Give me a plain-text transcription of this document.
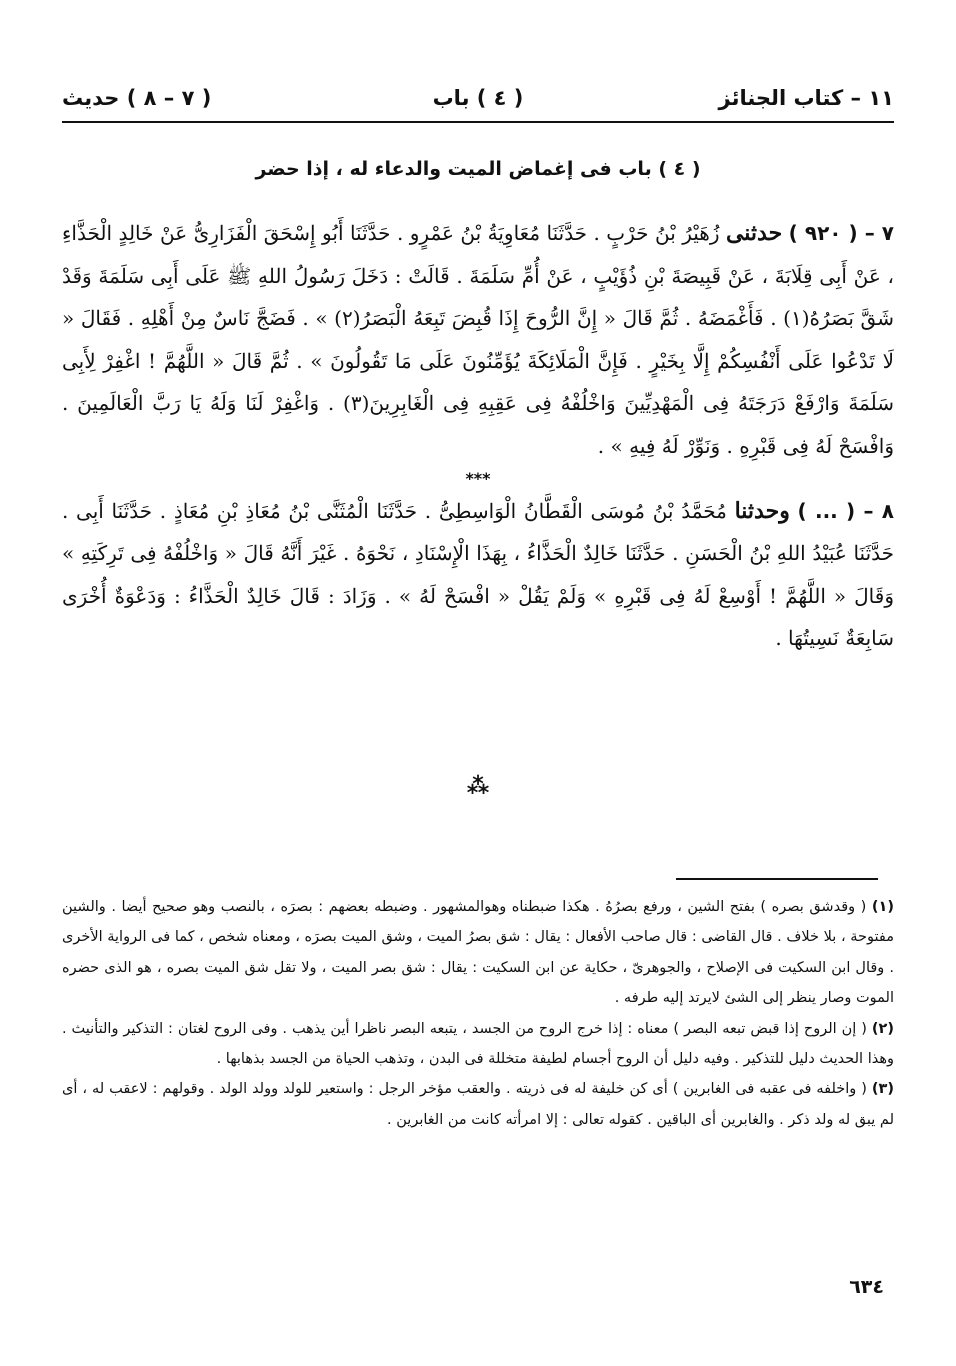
١١ – كتاب الجنائز
( ٤ ) باب
( ٧ – ٨ ) حديث
( ٤ ) باب فى إغماض الميت والدعاء له ، إذا حضر

٧ – ( ٩٢٠ ) حدثنى زُهَيْرُ بْنُ حَرْبٍ . حَدَّثَنَا مُعَاوِيَةُ بْنُ عَمْرٍو . حَدَّثَنَا أَبُو إِسْحَقَ الْفَزَارِىُّ عَنْ خَالِدٍ الْحَذَّاءِ ، عَنْ أَبِى قِلَابَةَ ، عَنْ قَبِيصَةَ بْنِ ذُؤَيْبٍ ، عَنْ أُمِّ سَلَمَةَ . قَالَتْ : دَخَلَ رَسُولُ اللهِ ﷺ عَلَى أَبِى سَلَمَةَ وَقَدْ شَقَّ بَصَرُهُ(١) . فَأَغْمَضَهُ . ثُمَّ قَالَ « إِنَّ الرُّوحَ إِذَا قُبِضَ تَبِعَهُ الْبَصَرُ(٢) » . فَضَجَّ نَاسٌ مِنْ أَهْلِهِ . فَقَالَ « لَا تَدْعُوا عَلَى أَنْفُسِكُمْ إِلَّا بِخَيْرٍ . فَإِنَّ الْمَلَائِكَةَ يُؤَمِّنُونَ عَلَى مَا تَقُولُونَ » . ثُمَّ قَالَ « اللَّهُمَّ ! اغْفِرْ لِأَبِى سَلَمَةَ وَارْفَعْ دَرَجَتَهُ فِى الْمَهْدِيِّينَ وَاخْلُفْهُ فِى عَقِبِهِ فِى الْغَابِرِينَ(٣) . وَاغْفِرْ لَنَا وَلَهُ يَا رَبَّ الْعَالَمِينَ . وَافْسَحْ لَهُ فِى قَبْرِهِ . وَنَوِّرْ لَهُ فِيهِ » .

***

٨ – ( ... ) وحدثنا مُحَمَّدُ بْنُ مُوسَى الْقَطَّانُ الْوَاسِطِىُّ . حَدَّثَنَا الْمُثَنَّى بْنُ مُعَاذِ بْنِ مُعَاذٍ . حَدَّثَنَا أَبِى . حَدَّثَنَا عُبَيْدُ اللهِ بْنُ الْحَسَنِ . حَدَّثَنَا خَالِدٌ الْحَذَّاءُ ، بِهَذَا الْإِسْنَادِ ، نَحْوَهُ . غَيْرَ أَنَّهُ قَالَ « وَاخْلُفْهُ فِى تَرِكَتِهِ » وَقَالَ « اللَّهُمَّ ! أَوْسِعْ لَهُ فِى قَبْرِهِ » وَلَمْ يَقُلْ « افْسَحْ لَهُ » . وَزَادَ : قَالَ خَالِدٌ الْحَذَّاءُ : وَدَعْوَةٌ أُخْرَى سَابِعَةٌ نَسِيتُهَا .

⁂

(١) ( وقدشق بصره ) بفتح الشين ، ورفع بصرُهُ . هكذا ضبطناه وهوالمشهور . وضبطه بعضهم : بصرَه ، بالنصب وهو صحيح أيضا . والشين مفتوحة ، بلا خلاف . قال القاضى : قال صاحب الأفعال : يقال : شق بصرُ الميت ، وشق الميت بصرَه ، ومعناه شخص ، كما فى الرواية الأخرى . وقال ابن السكيت فى الإصلاح ، والجوهرىّ ، حكاية عن ابن السكيت : يقال : شق بصر الميت ، ولا تقل شق الميت بصره ، هو الذى حضره الموت وصار ينظر إلى الشئ لايرتد إليه طرفه .

(٢) ( إن الروح إذا قبض تبعه البصر ) معناه : إذا خرج الروح من الجسد ، يتبعه البصر ناظرا أين يذهب . وفى الروح لغتان : التذكير والتأنيث . وهذا الحديث دليل للتذكير . وفيه دليل أن الروح أجسام لطيفة متخللة فى البدن ، وتذهب الحياة من الجسد بذهابها .

(٣) ( واخلفه فى عقبه فى الغابرين ) أى كن خليفة له فى ذريته . والعقب مؤخر الرجل : واستعير للولد وولد الولد . وقولهم : لاعقب له ، أى لم يبق له ولد ذكر . والغابرين أى الباقين . كقوله تعالى : إلا امرأته كانت من الغابرين .

٦٣٤
